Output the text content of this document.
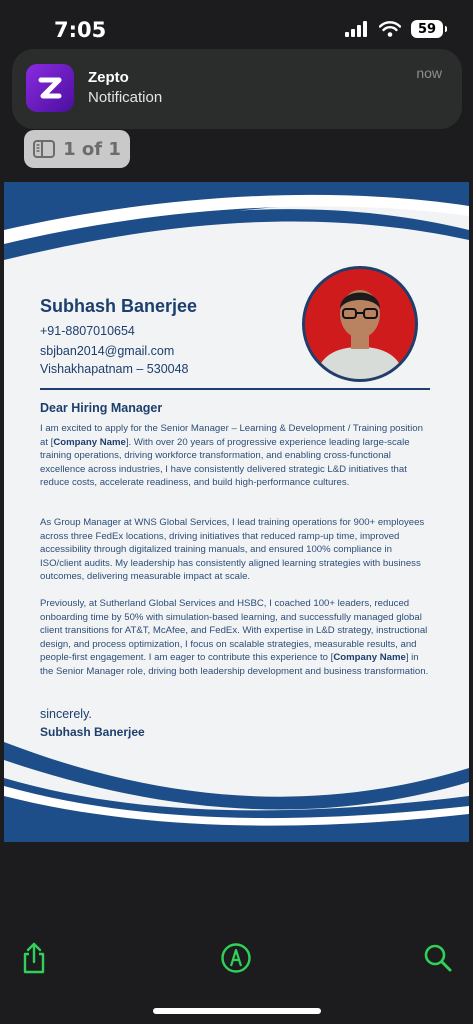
7:05	59
Zepto
Notification
now
1 of 1
Subhash Banerjee
+91-8807010654
sbjban2014@gmail.com
Vishakhapatnam – 530048
Dear Hiring Manager
I am excited to apply for the Senior Manager – Learning & Development / Training position at [Company Name]. With over 20 years of progressive experience leading large-scale training operations, driving workforce transformation, and enabling cross-functional excellence across industries, I have consistently delivered strategic L&D initiatives that reduce costs, accelerate readiness, and build high-performance cultures.
As Group Manager at WNS Global Services, I lead training operations for 900+ employees across three FedEx locations, driving initiatives that reduced ramp-up time, improved accessibility through digitalized training manuals, and ensured 100% compliance in ISO/client audits. My leadership has consistently aligned learning strategies with business outcomes, delivering measurable impact at scale.
Previously, at Sutherland Global Services and HSBC, I coached 100+ leaders, reduced onboarding time by 50% with simulation-based learning, and successfully managed global client transitions for AT&T, McAfee, and FedEx. With expertise in L&D strategy, instructional design, and process optimization, I focus on scalable strategies, measurable results, and people-first engagement. I am eager to contribute this experience to [Company Name] in the Senior Manager role, driving both leadership development and business transformation.
sincerely.
Subhash Banerjee
